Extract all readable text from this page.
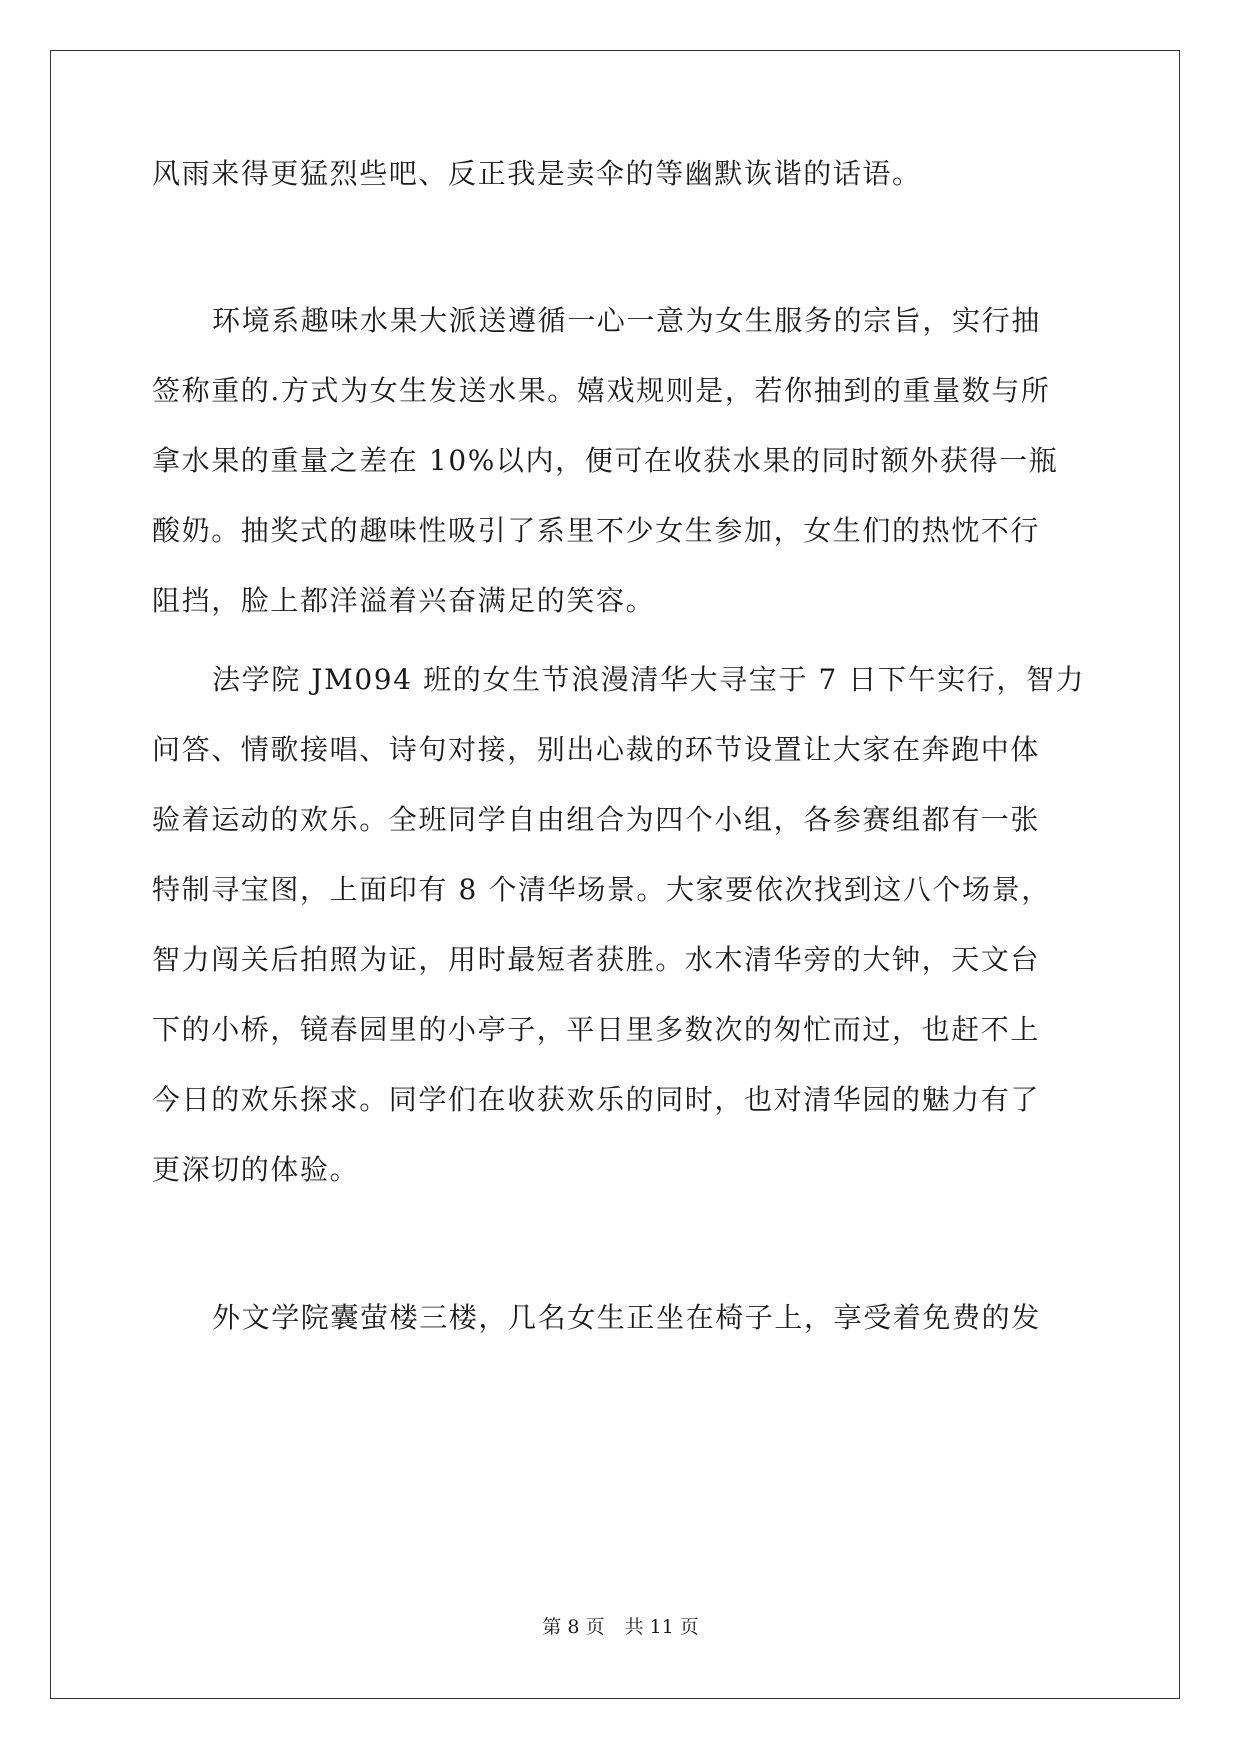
风雨来得更猛烈些吧、反正我是卖伞的等幽默诙谐的话语。
环境系趣味水果大派送遵循一心一意为女生服务的宗旨，实行抽
签称重的.方式为女生发送水果。嬉戏规则是，若你抽到的重量数与所
拿水果的重量之差在 10%以内，便可在收获水果的同时额外获得一瓶
酸奶。抽奖式的趣味性吸引了系里不少女生参加，女生们的热忱不行
阻挡，脸上都洋溢着兴奋满足的笑容。
法学院 JM094 班的女生节浪漫清华大寻宝于 7 日下午实行，智力
问答、情歌接唱、诗句对接，别出心裁的环节设置让大家在奔跑中体
验着运动的欢乐。全班同学自由组合为四个小组，各参赛组都有一张
特制寻宝图，上面印有 8 个清华场景。大家要依次找到这八个场景，
智力闯关后拍照为证，用时最短者获胜。水木清华旁的大钟，天文台
下的小桥，镜春园里的小亭子，平日里多数次的匆忙而过，也赶不上
今日的欢乐探求。同学们在收获欢乐的同时，也对清华园的魅力有了
更深切的体验。
外文学院囊萤楼三楼，几名女生正坐在椅子上，享受着免费的发
第 8 页 共 11 页
